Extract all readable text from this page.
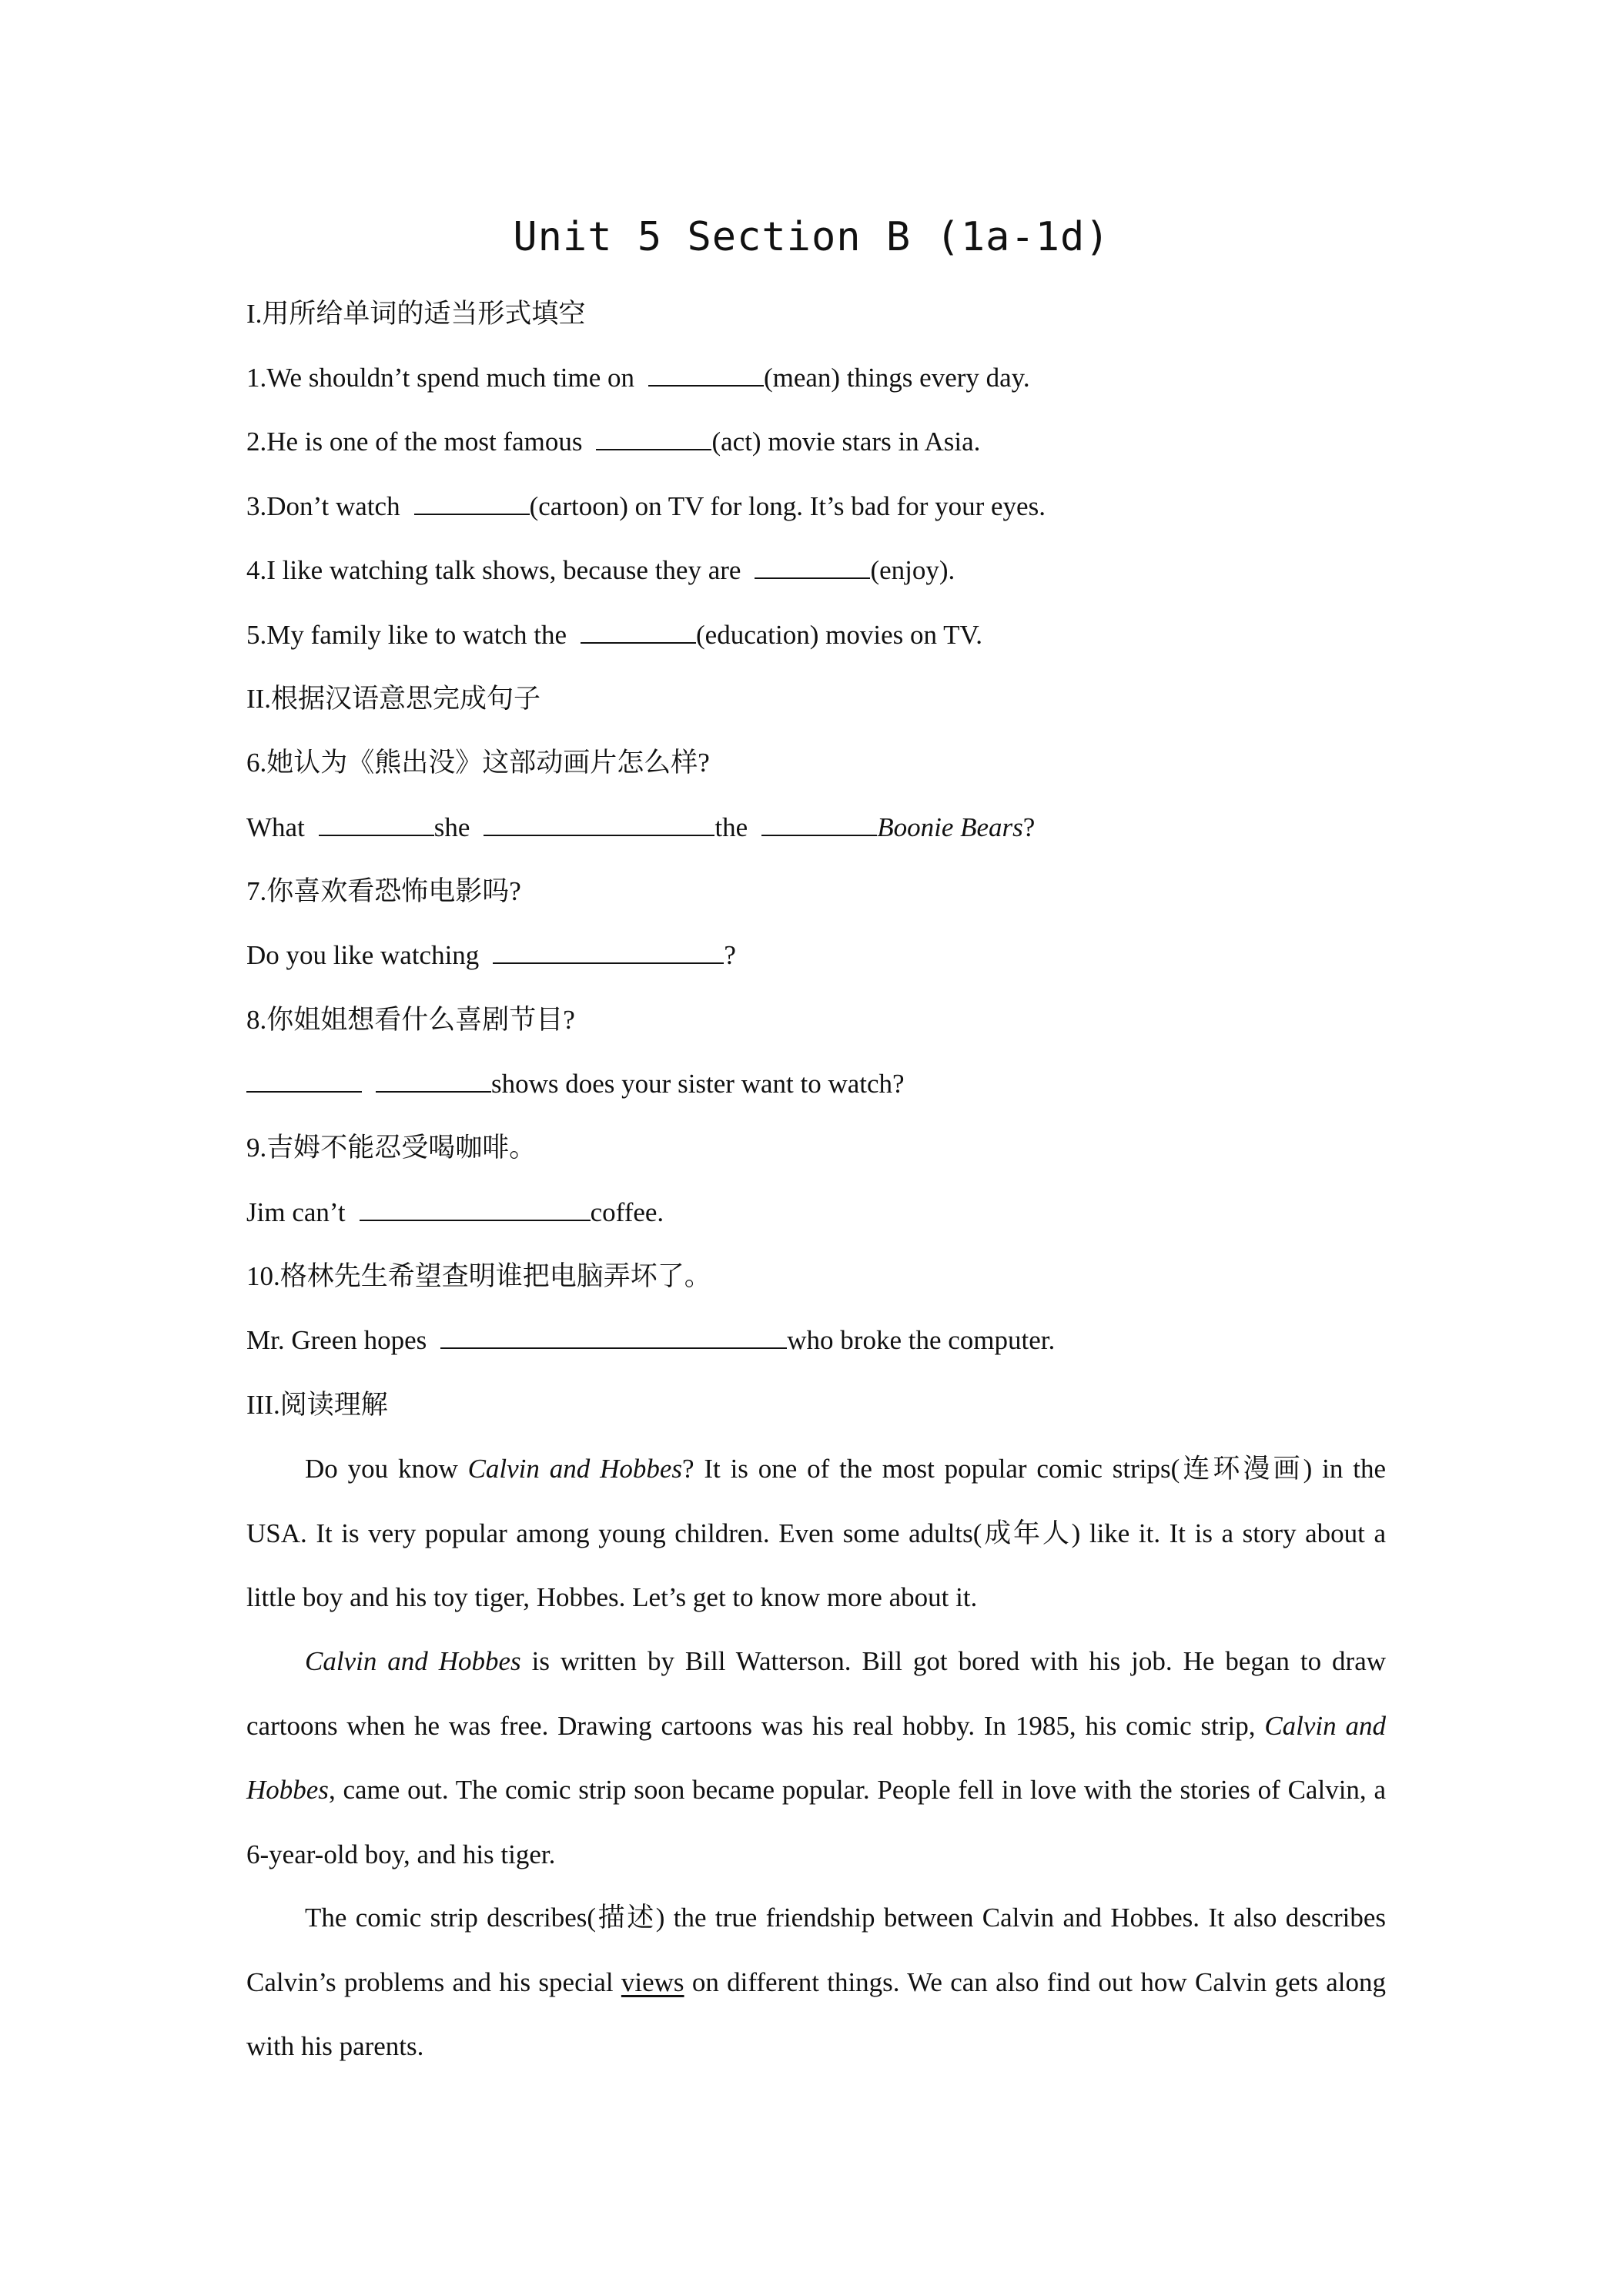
Unit 5 Section B (1a-1d)
I.用所给单词的适当形式填空
1.We shouldn’t spend much time on	(mean) things every day.
2.He is one of the most famous	(act) movie stars in Asia.
3.Don’t watch	(cartoon) on TV for long. It’s bad for your eyes.
4.I like watching talk shows, because they are	(enjoy).
5.My family like to watch the	(education) movies on TV.
II.根据汉语意思完成句子
6.她认为《熊出没》这部动画片怎么样?
What	she	the	Boonie Bears?
7.你喜欢看恐怖电影吗?
Do you like watching	?
8.你姐姐想看什么喜剧节目?
shows does your sister want to watch?
9.吉姆不能忍受喝咖啡。
Jim can’t	coffee.
10.格林先生希望查明谁把电脑弄坏了。
Mr. Green hopes	who broke the computer.
III.阅读理解

Do you know Calvin and Hobbes? It is one of the most popular comic strips(连环漫画) in the USA. It is very popular among young children. Even some adults(成年人) like it. It is a story about a little boy and his toy tiger, Hobbes. Let’s get to know more about it.

Calvin and Hobbes is written by Bill Watterson. Bill got bored with his job. He began to draw cartoons when he was free. Drawing cartoons was his real hobby. In 1985, his comic strip, Calvin and Hobbes, came out. The comic strip soon became popular. People fell in love with the stories of Calvin, a 6-year-old boy, and his tiger.

The comic strip describes(描述) the true friendship between Calvin and Hobbes. It also describes Calvin’s problems and his special views on different things. We can also find out how Calvin gets along with his parents.
